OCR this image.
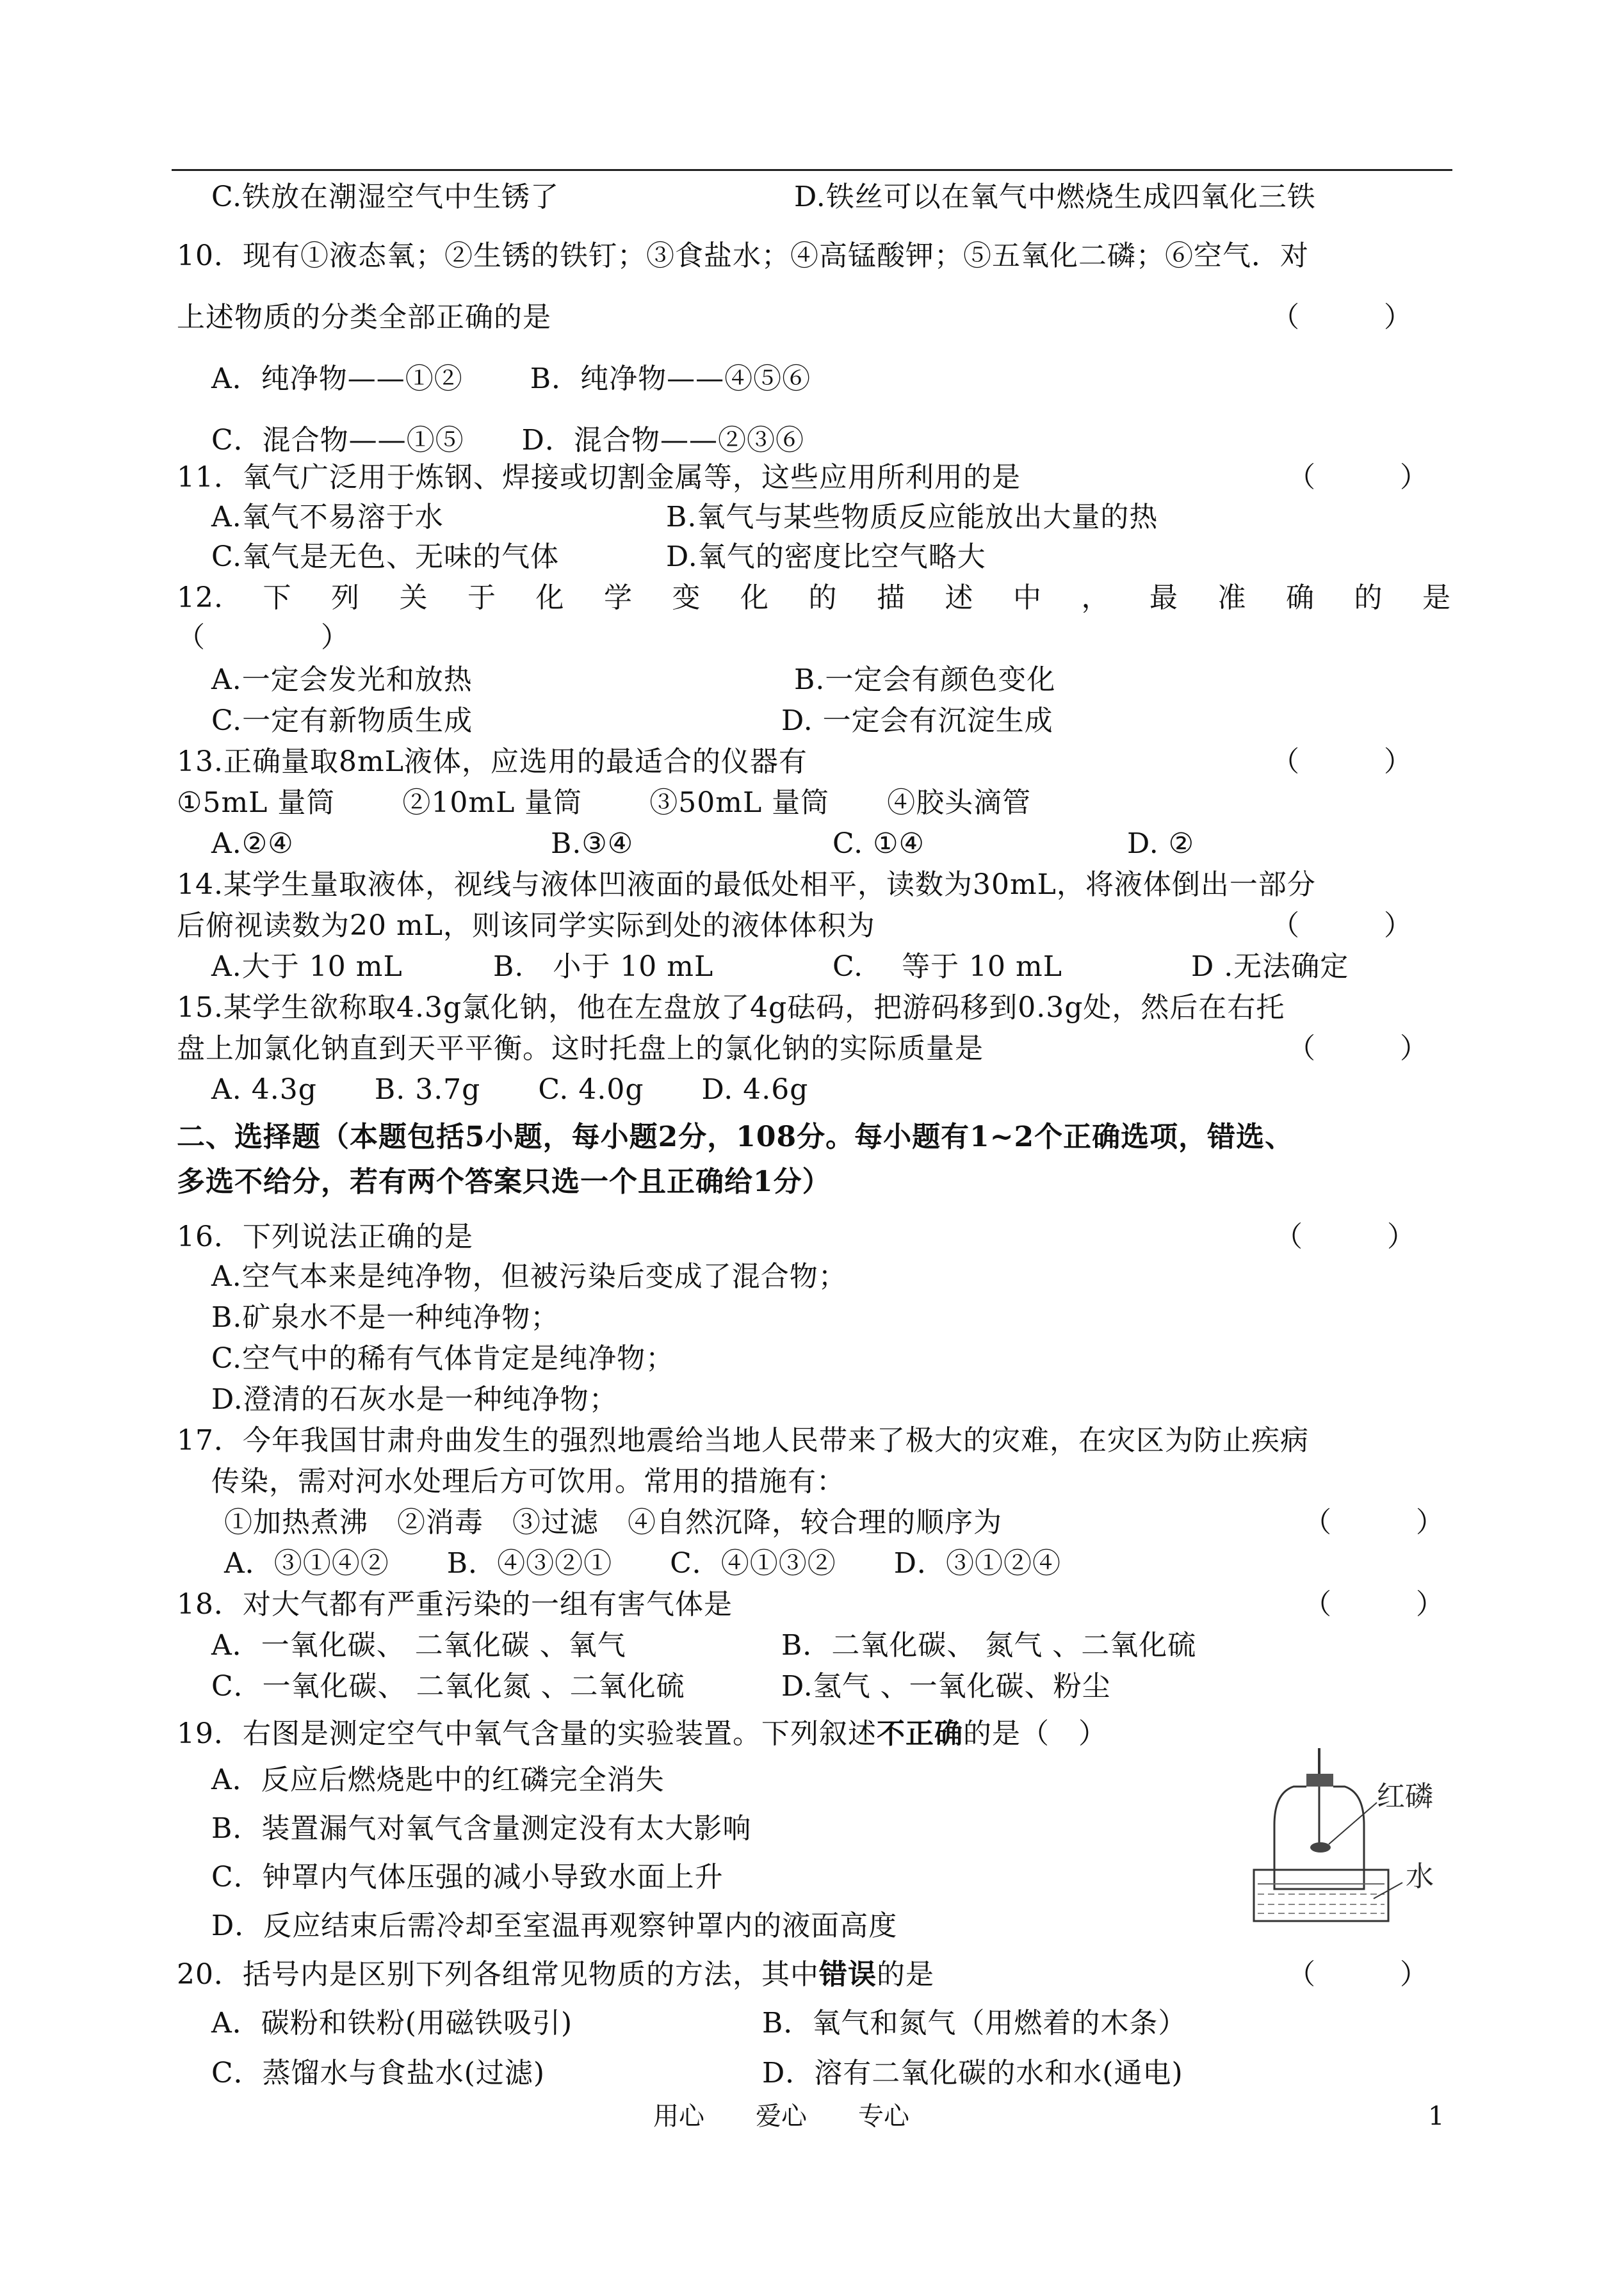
C.铁放在潮湿空气中生锈了	D.铁丝可以在氧气中燃烧生成四氧化三铁
10．现有①液态氧；②生锈的铁钉；③食盐水；④高锰酸钾；⑤五氧化二磷；⑥空气．对
上述物质的分类全部正确的是	（　　　）
A．纯净物——①②　　 B．纯净物——④⑤⑥
C．混合物——①⑤　　D．混合物——②③⑥
11．氧气广泛用于炼钢、焊接或切割金属等，这些应用所利用的是	（　　　）
A.氧气不易溶于水	B.氧气与某些物质反应能放出大量的热
C.氧气是无色、无味的气体	D.氧气的密度比空气略大
12. 下 列 关 于 化 学 变 化 的 描 述 中 ， 最 准 确 的 是
（　　　　）
A.一定会发光和放热	B.一定会有颜色变化
C.一定有新物质生成	D. 一定会有沉淀生成
13.正确量取8mL液体，应选用的最适合的仪器有	（　　　）
①5mL 量筒　　 ②10mL 量筒　　 ③50mL 量筒　　④胶头滴管
A.②④	B.③④	C. ①④	D. ②
14.某学生量取液体，视线与液体凹液面的最低处相平，读数为30mL，将液体倒出一部分
后俯视读数为20 mL，则该同学实际到处的液体体积为	（　　　）
A.大于 10 mL	B.　小于 10 mL	C.　 等于 10 mL	D .无法确定
15.某学生欲称取4.3g氯化钠，他在左盘放了4g砝码，把游码移到0.3g处，然后在右托
盘上加氯化钠直到天平平衡。这时托盘上的氯化钠的实际质量是	（　　　）
A. 4.3g　　B. 3.7g　　C. 4.0g　　D. 4.6g
二、选择题（本题包括5小题，每小题2分，108分。每小题有1~2个正确选项，错选、
多选不给分，若有两个答案只选一个且正确给1分）
16．下列说法正确的是	（　　　）
A.空气本来是纯净物，但被污染后变成了混合物；
B.矿泉水不是一种纯净物；
C.空气中的稀有气体肯定是纯净物；
D.澄清的石灰水是一种纯净物；
17．今年我国甘肃舟曲发生的强烈地震给当地人民带来了极大的灾难，在灾区为防止疾病
传染，需对河水处理后方可饮用。常用的措施有：
①加热煮沸　②消毒　③过滤　④自然沉降，较合理的顺序为	（　　　）
A．③①④②　　B．④③②①　　C．④①③②　　D．③①②④
18．对大气都有严重污染的一组有害气体是	（　　　）
A．一氧化碳、 二氧化碳 、氧气	B．二氧化碳、 氮气 、二氧化硫
C．一氧化碳、 二氧化氮 、二氧化硫	D.氢气 、一氧化碳、粉尘
19．右图是测定空气中氧气含量的实验装置。下列叙述不正确的是（　）
A．反应后燃烧匙中的红磷完全消失
B．装置漏气对氧气含量测定没有太大影响
C．钟罩内气体压强的减小导致水面上升
D．反应结束后需冷却至室温再观察钟罩内的液面高度
红磷
水
20．括号内是区别下列各组常见物质的方法，其中错误的是	（　　　）
A．碳粉和铁粉(用磁铁吸引)	B．氧气和氮气（用燃着的木条）
C．蒸馏水与食盐水(过滤)	D．溶有二氧化碳的水和水(通电)
用心　　爱心　　专心	1
